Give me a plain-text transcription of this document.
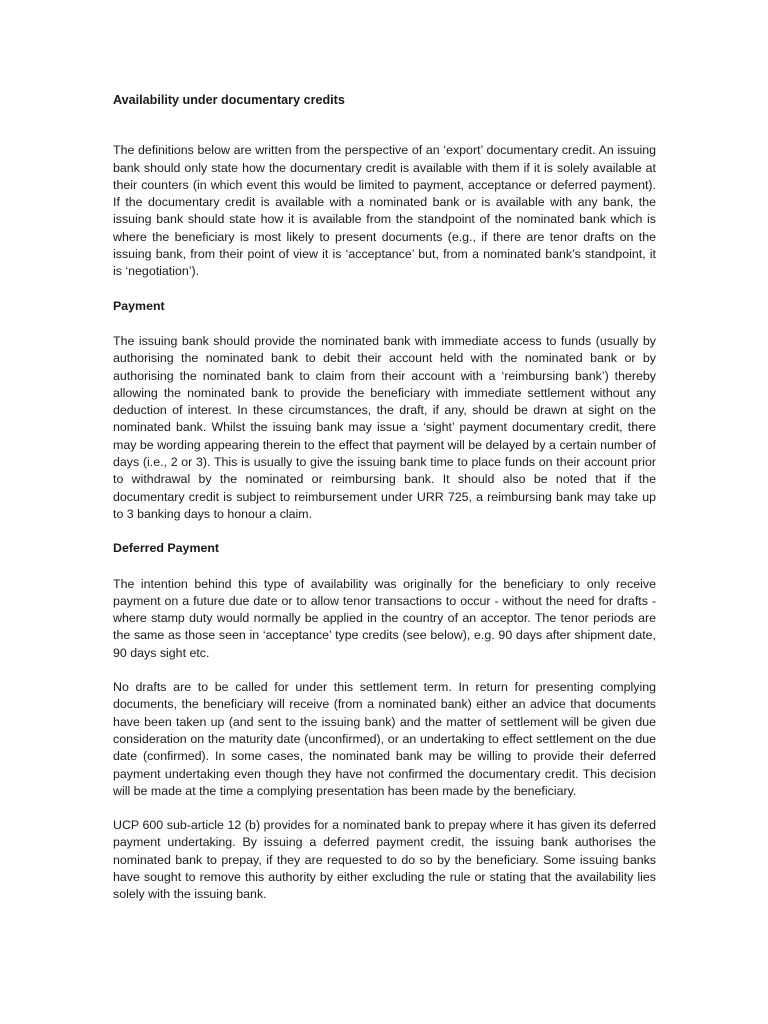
Availability under documentary credits

The definitions below are written from the perspective of an ‘export’ documentary credit. An issuing bank should only state how the documentary credit is available with them if it is solely available at their counters (in which event this would be limited to payment, acceptance or deferred payment). If the documentary credit is available with a nominated bank or is available with any bank, the issuing bank should state how it is available from the standpoint of the nominated bank which is where the beneficiary is most likely to present documents (e.g., if there are tenor drafts on the issuing bank, from their point of view it is ‘acceptance’ but, from a nominated bank’s standpoint, it is ‘negotiation’).

Payment

The issuing bank should provide the nominated bank with immediate access to funds (usually by authorising the nominated bank to debit their account held with the nominated bank or by authorising the nominated bank to claim from their account with a ‘reimbursing bank’) thereby allowing the nominated bank to provide the beneficiary with immediate settlement without any deduction of interest. In these circumstances, the draft, if any, should be drawn at sight on the nominated bank. Whilst the issuing bank may issue a ‘sight’ payment documentary credit, there may be wording appearing therein to the effect that payment will be delayed by a certain number of days (i.e., 2 or 3). This is usually to give the issuing bank time to place funds on their account prior to withdrawal by the nominated or reimbursing bank. It should also be noted that if the documentary credit is subject to reimbursement under URR 725, a reimbursing bank may take up to 3 banking days to honour a claim.

Deferred Payment

The intention behind this type of availability was originally for the beneficiary to only receive payment on a future due date or to allow tenor transactions to occur - without the need for drafts - where stamp duty would normally be applied in the country of an acceptor. The tenor periods are the same as those seen in ‘acceptance’ type credits (see below), e.g. 90 days after shipment date, 90 days sight etc.

No drafts are to be called for under this settlement term. In return for presenting complying documents, the beneficiary will receive (from a nominated bank) either an advice that documents have been taken up (and sent to the issuing bank) and the matter of settlement will be given due consideration on the maturity date (unconfirmed), or an undertaking to effect settlement on the due date (confirmed). In some cases, the nominated bank may be willing to provide their deferred payment undertaking even though they have not confirmed the documentary credit. This decision will be made at the time a complying presentation has been made by the beneficiary.

UCP 600 sub-article 12 (b) provides for a nominated bank to prepay where it has given its deferred payment undertaking. By issuing a deferred payment credit, the issuing bank authorises the nominated bank to prepay, if they are requested to do so by the beneficiary. Some issuing banks have sought to remove this authority by either excluding the rule or stating that the availability lies solely with the issuing bank.
